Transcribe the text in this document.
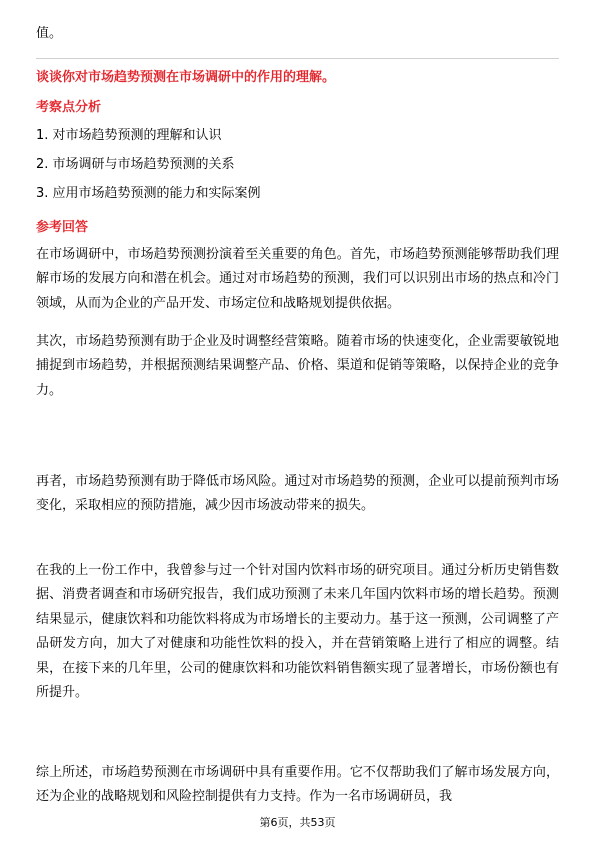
值。
谈谈你对市场趋势预测在市场调研中的作用的理解。
考察点分析
1. 对市场趋势预测的理解和认识
2. 市场调研与市场趋势预测的关系
3. 应用市场趋势预测的能力和实际案例
参考回答
在市场调研中，市场趋势预测扮演着至关重要的角色。首先，市场趋势预测能够帮助我们理解市场的发展方向和潜在机会。通过对市场趋势的预测，我们可以识别出市场的热点和冷门领域，从而为企业的产品开发、市场定位和战略规划提供依据。
其次，市场趋势预测有助于企业及时调整经营策略。随着市场的快速变化，企业需要敏锐地捕捉到市场趋势，并根据预测结果调整产品、价格、渠道和促销等策略，以保持企业的竞争力。
再者，市场趋势预测有助于降低市场风险。通过对市场趋势的预测，企业可以提前预判市场变化，采取相应的预防措施，减少因市场波动带来的损失。
在我的上一份工作中，我曾参与过一个针对国内饮料市场的研究项目。通过分析历史销售数据、消费者调查和市场研究报告，我们成功预测了未来几年国内饮料市场的增长趋势。预测结果显示，健康饮料和功能饮料将成为市场增长的主要动力。基于这一预测，公司调整了产品研发方向，加大了对健康和功能性饮料的投入，并在营销策略上进行了相应的调整。结果，在接下来的几年里，公司的健康饮料和功能饮料销售额实现了显著增长，市场份额也有所提升。
综上所述，市场趋势预测在市场调研中具有重要作用。它不仅帮助我们了解市场发展方向，还为企业的战略规划和风险控制提供有力支持。作为一名市场调研员，我
第6页，共53页
